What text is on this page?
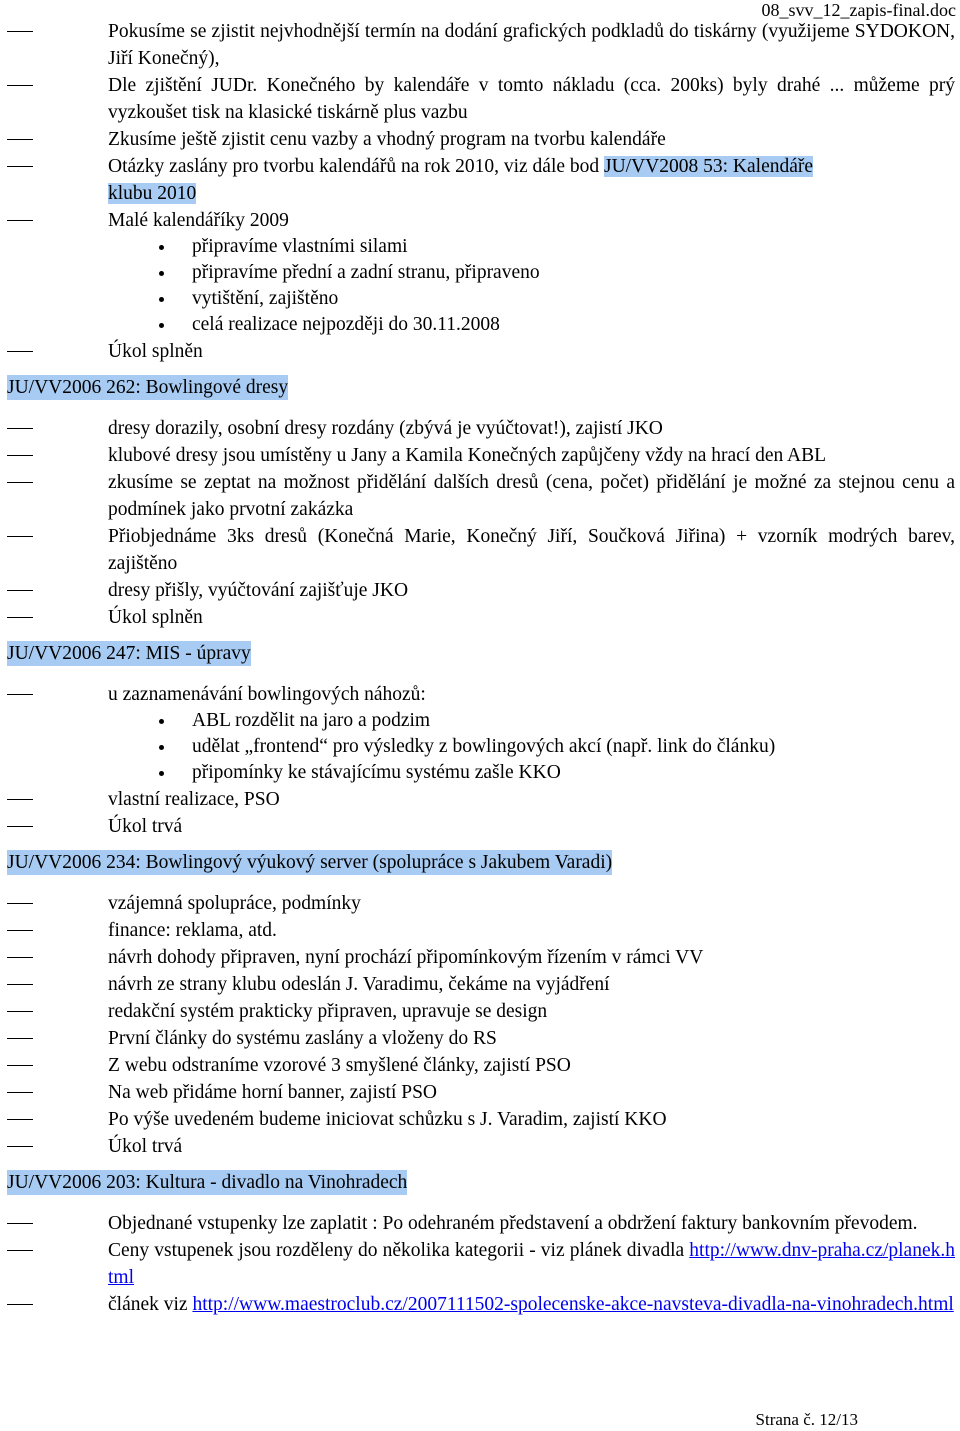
08_svv_12_zapis-final.doc
Pokusíme se zjistit nejvhodnější termín na dodání grafických podkladů do tiskárny (využijeme SYDOKON, Jiří Konečný),
Dle zjištění JUDr. Konečného by kalendáře v tomto nákladu (cca. 200ks) byly drahé ... můžeme prý vyzkoušet tisk na klasické tiskárně plus vazbu
Zkusíme ještě zjistit cenu vazby a vhodný program na tvorbu kalendáře
Otázky zaslány pro tvorbu kalendářů na rok 2010, viz dále bod JU/VV2008 53: Kalendáře
klubu 2010
Malé kalendáříky 2009
připravíme vlastními silami
připravíme přední a zadní stranu, připraveno
vytištění, zajištěno
celá realizace nejpozději do 30.11.2008
Úkol splněn
JU/VV2006 262: Bowlingové dresy
dresy dorazily, osobní dresy rozdány (zbývá je vyúčtovat!), zajistí JKO
klubové dresy jsou umístěny u Jany a Kamila Konečných zapůjčeny vždy na hrací den ABL
zkusíme se zeptat na možnost přidělání dalších dresů (cena, počet) přidělání je možné za stejnou cenu a podmínek jako prvotní zakázka
Přiobjednáme 3ks dresů (Konečná Marie, Konečný Jiří, Součková Jiřina) + vzorník modrých barev, zajištěno
dresy přišly, vyúčtování zajišťuje JKO
Úkol splněn
JU/VV2006 247: MIS - úpravy
u zaznamenávání bowlingových náhozů:
ABL rozdělit na jaro a podzim
udělat „frontend“ pro výsledky z bowlingových akcí (např. link do článku)
připomínky ke stávajícímu systému zašle KKO
vlastní realizace, PSO
Úkol trvá
JU/VV2006 234: Bowlingový výukový server (spolupráce s Jakubem Varadi)
vzájemná spolupráce, podmínky
finance: reklama, atd.
návrh dohody připraven, nyní prochází připomínkovým řízením v rámci VV
návrh ze strany klubu odeslán J. Varadimu, čekáme na vyjádření
redakční systém prakticky připraven, upravuje se design
První články do systému zaslány a vloženy do RS
Z webu odstraníme vzorové 3 smyšlené články, zajistí PSO
Na web přidáme horní banner, zajistí PSO
Po výše uvedeném budeme iniciovat schůzku s J. Varadim, zajistí KKO
Úkol trvá
JU/VV2006 203: Kultura - divadlo na Vinohradech
Objednané vstupenky lze zaplatit : Po odehraném představení a obdržení faktury bankovním převodem.
Ceny vstupenek jsou rozděleny do několika kategorii - viz plánek divadla http://www.dnv-praha.cz/planek.html
článek viz http://www.maestroclub.cz/2007111502-spolecenske-akce-navsteva-divadla-na-vinohradech.html
Strana č. 12/13
